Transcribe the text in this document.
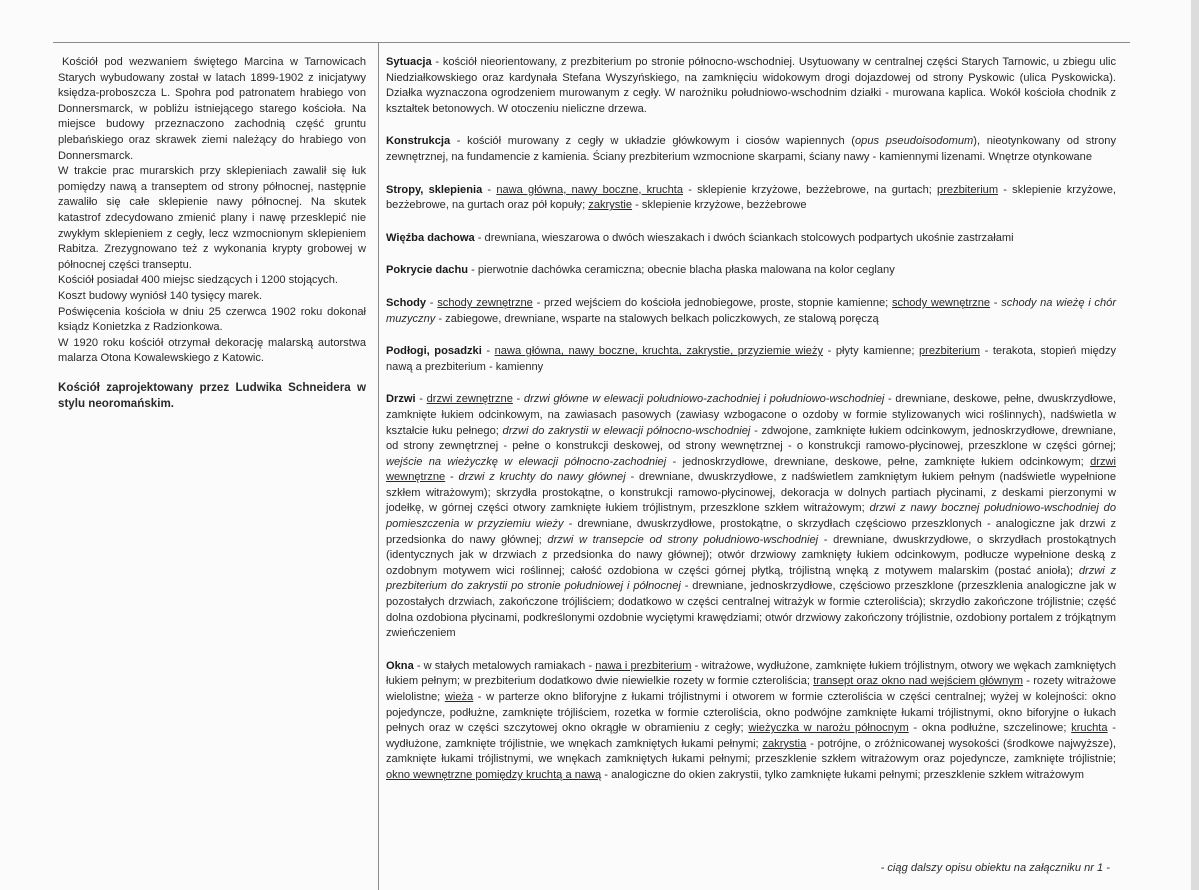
Kościół pod wezwaniem świętego Marcina w Tarnowicach Starych wybudowany został w latach 1899-1902 z inicjatywy księdza-proboszcza L. Spohra pod patronatem hrabiego von Donnersmarck, w pobliżu istniejącego starego kościoła. Na miejsce budowy przeznaczono zachodnią część gruntu plebańskiego oraz skrawek ziemi należący do hrabiego von Donnersmarck.

W trakcie prac murarskich przy sklepieniach zawalił się łuk pomiędzy nawą a transeptem od strony północnej, następnie zawaliło się całe sklepienie nawy północnej. Na skutek katastrof zdecydowano zmienić plany i nawę przesklepić nie zwykłym sklepieniem z cegły, lecz wzmocnionym sklepieniem Rabitza. Zrezygnowano też z wykonania krypty grobowej w północnej części transeptu.

Kościół posiadał 400 miejsc siedzących i 1200 stojących.

Koszt budowy wyniósł 140 tysięcy marek.

Poświęcenia kościoła w dniu 25 czerwca 1902 roku dokonał ksiądz Konietzka z Radzionkowa.

W 1920 roku kościół otrzymał dekorację malarską autorstwa malarza Otona Kowalewskiego z Katowic.

Kościół zaprojektowany przez Ludwika Schneidera w stylu neoromańskim.

Sytuacja - kościół nieorientowany, z prezbiterium po stronie północno-wschodniej. Usytuowany w centralnej części Starych Tarnowic, u zbiegu ulic Niedziałkowskiego oraz kardynała Stefana Wyszyńskiego, na zamknięciu widokowym drogi dojazdowej od strony Pyskowic (ulica Pyskowicka). Działka wyznaczona ogrodzeniem murowanym z cegły. W narożniku południowo-wschodnim działki - murowana kaplica. Wokół kościoła chodnik z kształtek betonowych. W otoczeniu nieliczne drzewa.

Konstrukcja - kościół murowany z cegły w układzie główkowym i ciosów wapiennych (opus pseudoisodomum), nieotynkowany od strony zewnętrznej, na fundamencie z kamienia. Ściany prezbiterium wzmocnione skarpami, ściany nawy - kamiennymi lizenami. Wnętrze otynkowane

Stropy, sklepienia - nawa główna, nawy boczne, kruchta - sklepienie krzyżowe, bezżebrowe, na gurtach; prezbiterium - sklepienie krzyżowe, bezżebrowe, na gurtach oraz pół kopuły; zakrystie - sklepienie krzyżowe, bezżebrowe

Więźba dachowa - drewniana, wieszarowa o dwóch wieszakach i dwóch ściankach stolcowych podpartych ukośnie zastrzałami

Pokrycie dachu - pierwotnie dachówka ceramiczna; obecnie blacha płaska malowana na kolor ceglany

Schody - schody zewnętrzne - przed wejściem do kościoła jednobiegowe, proste, stopnie kamienne; schody wewnętrzne - schody na wieżę i chór muzyczny - zabiegowe, drewniane, wsparte na stalowych belkach policzkowych, ze stalową poręczą

Podłogi, posadzki - nawa główna, nawy boczne, kruchta, zakrystie, przyziemie wieży - płyty kamienne; prezbiterium - terakota, stopień między nawą a prezbiterium - kamienny

Drzwi - drzwi zewnętrzne - drzwi główne w elewacji południowo-zachodniej i południowo-wschodniej - drewniane, deskowe, pełne, dwuskrzydłowe, zamknięte łukiem odcinkowym, na zawiasach pasowych (zawiasy wzbogacone o ozdoby w formie stylizowanych wici roślinnych), nadświetla w kształcie łuku pełnego; drzwi do zakrystii w elewacji północno-wschodniej - zdwojone, zamknięte łukiem odcinkowym, jednoskrzydłowe, drewniane, od strony zewnętrznej - pełne o konstrukcji deskowej, od strony wewnętrznej - o konstrukcji ramowo-płycinowej, przeszklone w części górnej; wejście na wieżyczkę w elewacji północno-zachodniej - jednoskrzydłowe, drewniane, deskowe, pełne, zamknięte łukiem odcinkowym; drzwi wewnętrzne - drzwi z kruchty do nawy głównej - drewniane, dwuskrzydłowe, z nadświetlem zamkniętym łukiem pełnym (nadświetle wypełnione szkłem witrażowym); skrzydła prostokątne, o konstrukcji ramowo-płycinowej, dekoracja w dolnych partiach płycinami, z deskami pierzonymi w jodełkę, w górnej części otwory zamknięte łukiem trójlistnym, przeszklone szkłem witrażowym; drzwi z nawy bocznej południowo-wschodniej do pomieszczenia w przyziemiu wieży - drewniane, dwuskrzydłowe, prostokątne, o skrzydłach częściowo przeszklonych - analogiczne jak drzwi z przedsionka do nawy głównej; drzwi w transepcie od strony południowo-wschodniej - drewniane, dwuskrzydłowe, o skrzydłach prostokątnych (identycznych jak w drzwiach z przedsionka do nawy głównej); otwór drzwiowy zamknięty łukiem odcinkowym, podłucze wypełnione deską z ozdobnym motywem wici roślinnej; całość ozdobiona w części górnej płytką, trójlistną wnęką z motywem malarskim (postać anioła); drzwi z prezbiterium do zakrystii po stronie południowej i północnej - drewniane, jednoskrzydłowe, częściowo przeszklone (przeszklenia analogiczne jak w pozostałych drzwiach, zakończone trójliściem; dodatkowo w części centralnej witrażyk w formie czteroliścia); skrzydło zakończone trójlistnie; część dolna ozdobiona płycinami, podkreślonymi ozdobnie wyciętymi krawędziami; otwór drzwiowy zakończony trójlistnie, ozdobiony portalem z trójkątnym zwieńczeniem

Okna - w stałych metalowych ramiakach - nawa i prezbiterium - witrażowe, wydłużone, zamknięte łukiem trójlistnym, otwory we wękach zamkniętych łukiem pełnym; w prezbiterium dodatkowo dwie niewielkie rozety w formie czteroliścia; transept oraz okno nad wejściem głównym - rozety witrażowe wielolistne; wieża - w parterze okno bliforyjne z łukami trójlistnymi i otworem w formie czteroliścia w części centralnej; wyżej w kolejności: okno pojedyncze, podłużne, zamknięte trójliściem, rozetka w formie czteroliścia, okno podwójne zamknięte łukami trójlistnymi, okno biforyjne o łukach pełnych oraz w części szczytowej okno okrągłe w obramieniu z cegły; wieżyczka w narożu północnym - okna podłużne, szczelinowe; kruchta - wydłużone, zamknięte trójlistnie, we wnękach zamkniętych łukami pełnymi; zakrystia - potrójne, o zróżnicowanej wysokości (środkowe najwyższe), zamknięte łukami trójlistnymi, we wnękach zamkniętych łukami pełnymi; przeszklenie szkłem witrażowym oraz pojedyncze, zamknięte trójlistnie; okno wewnętrzne pomiędzy kruchtą a nawą - analogiczne do okien zakrystii, tylko zamknięte łukami pełnymi; przeszklenie szkłem witrażowym

- ciąg dalszy opisu obiektu na załączniku nr 1 -
